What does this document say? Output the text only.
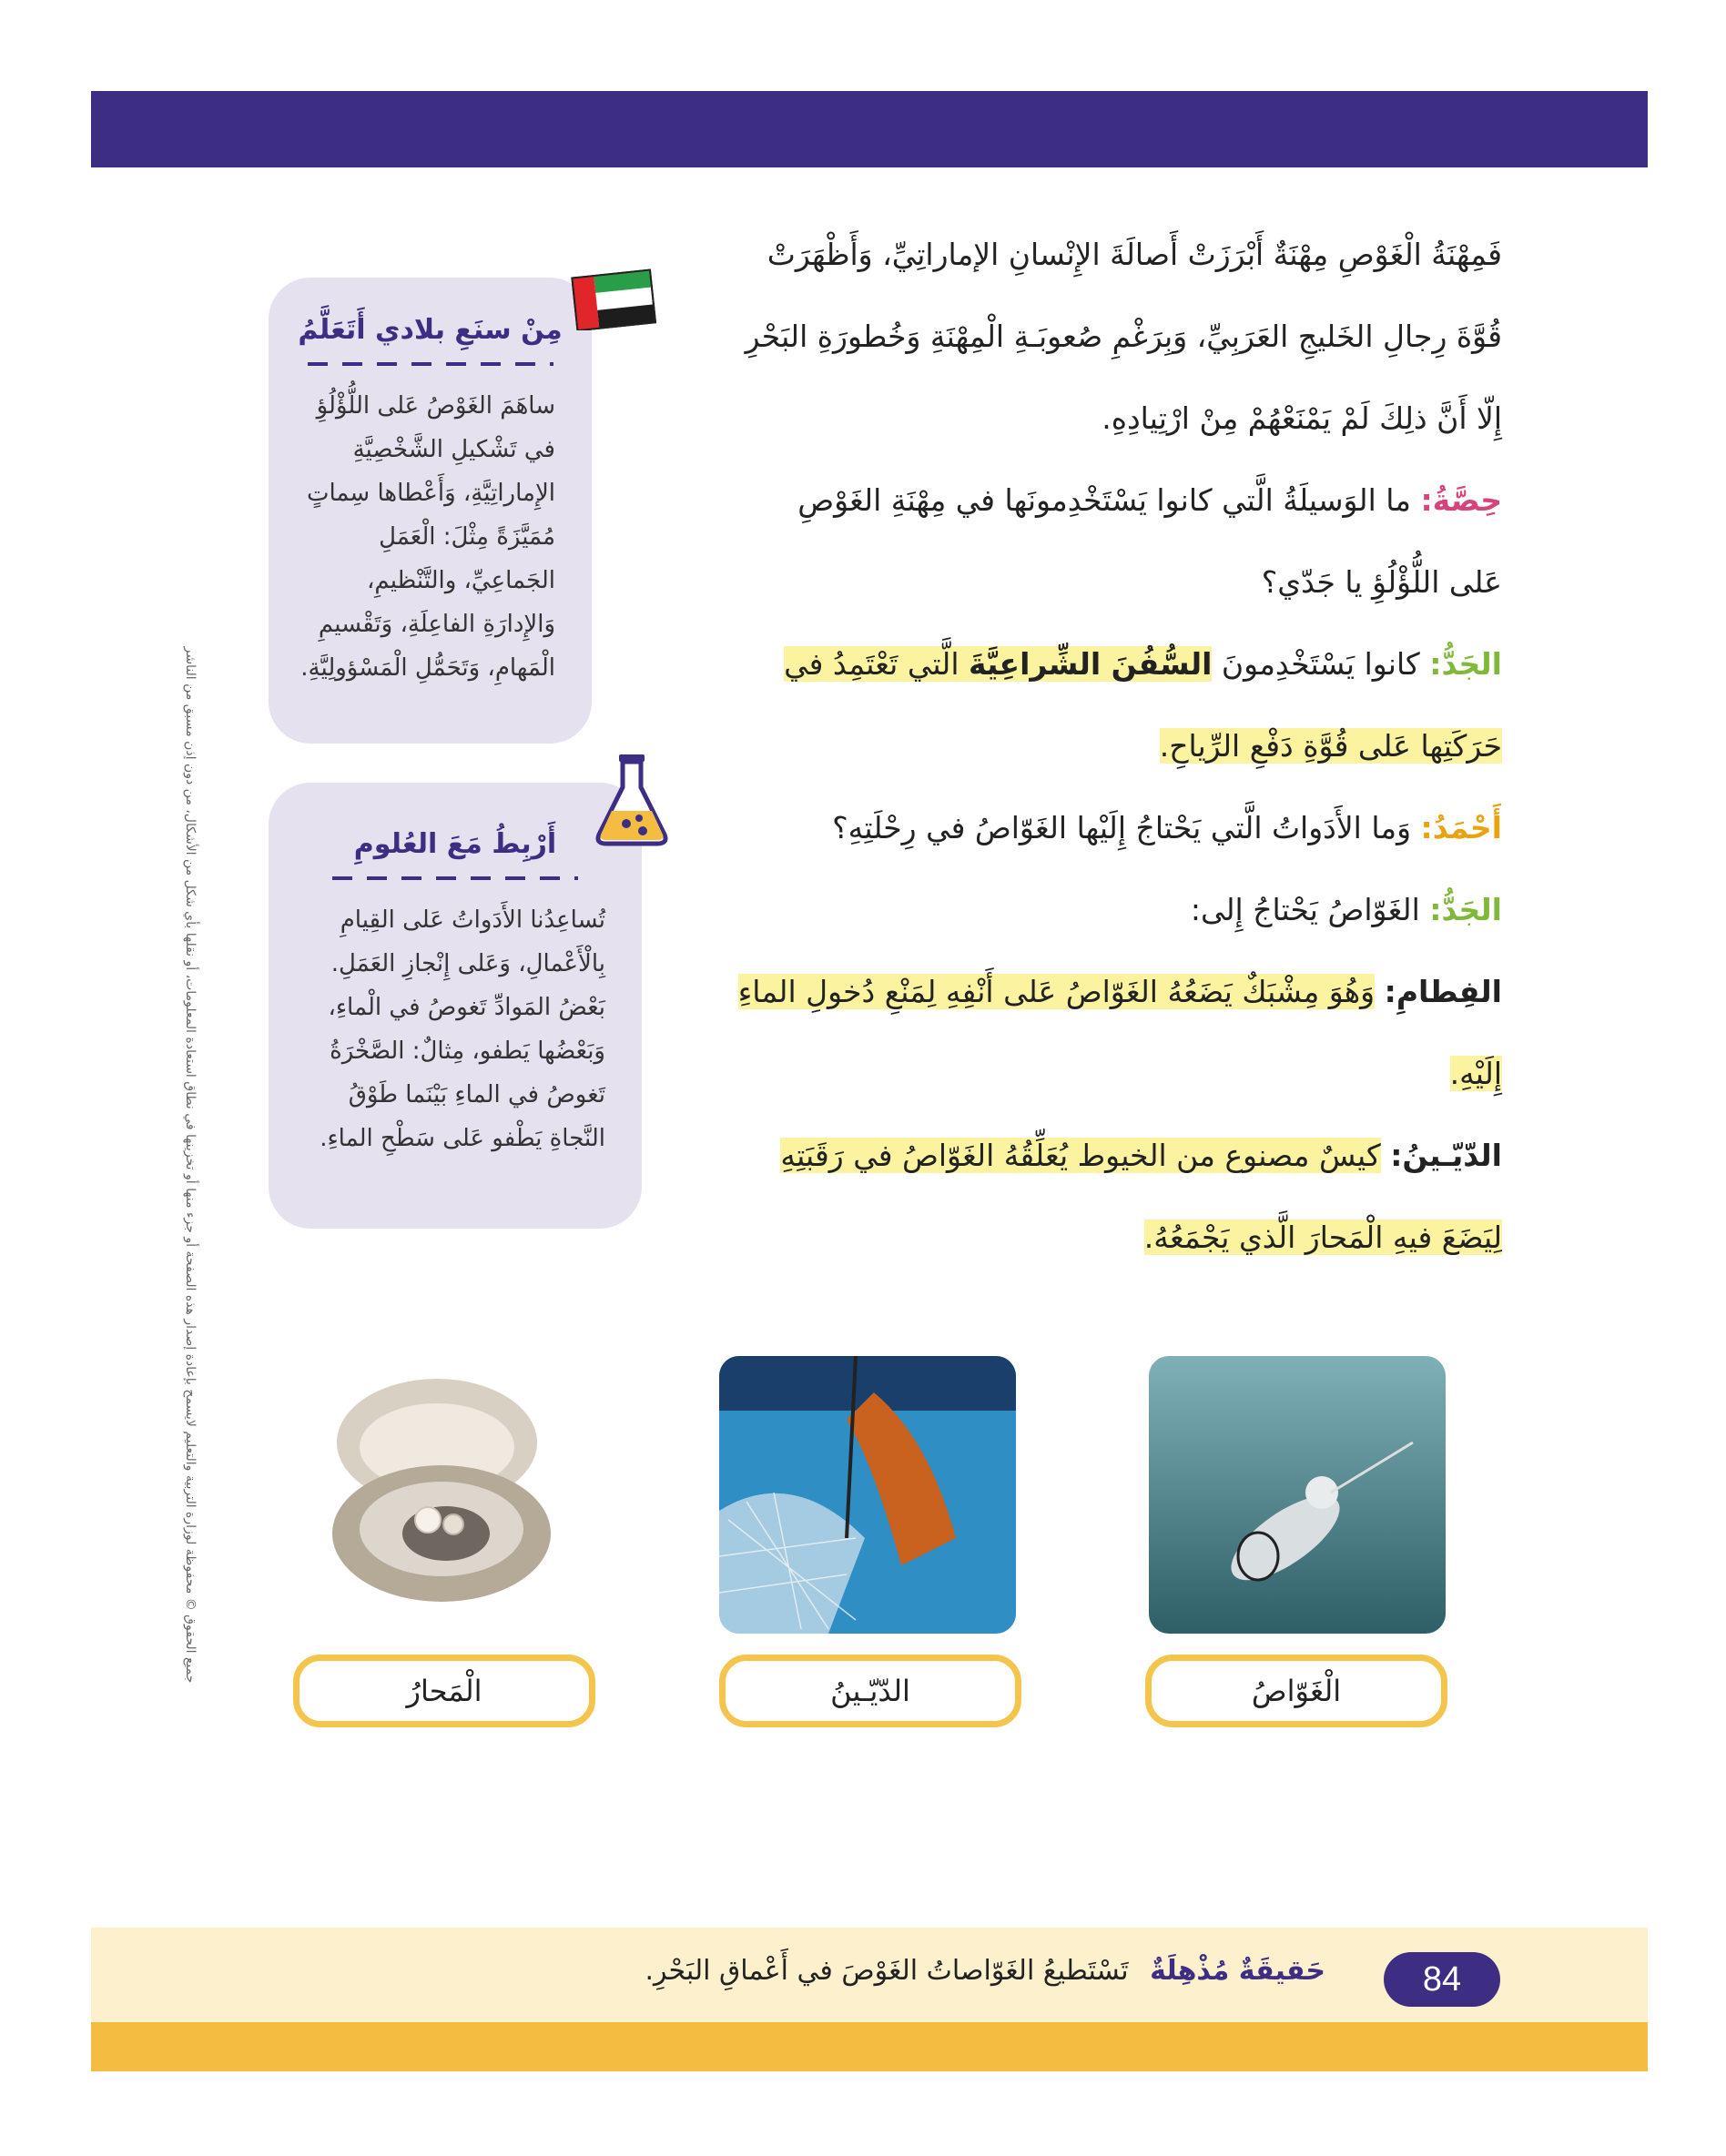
فَمِهْنَةُ الْغَوْصِ مِهْنَةٌ أَبْرَزَتْ أَصالَةَ الإِنْسانِ الإماراتِيِّ، وَأَظْهَرَتْ قُوَّةَ رِجالِ الخَليجِ العَرَبِيِّ، وَبِرَغْمِ صُعوبَـةِ الْمِهْنَةِ وَخُطورَةِ البَحْرِ إِلّا أَنَّ ذلِكَ لَمْ يَمْنَعْهُمْ مِنْ ارْتِيادِهِ.

حِصَّةُ: ما الوَسيلَةُ الَّتي كانوا يَسْتَخْدِمونَها في مِهْنَةِ الغَوْصِ عَلى اللُّؤْلُؤِ يا جَدّي؟

الجَدُّ: كانوا يَسْتَخْدِمونَ السُّفُنَ الشِّراعِيَّةَ الَّتي تَعْتَمِدُ في حَرَكَتِها عَلى قُوَّةِ دَفْعِ الرِّياحِ.

أَحْمَدُ: وَما الأَدَواتُ الَّتي يَحْتاجُ إِلَيْها الغَوّاصُ في رِحْلَتِهِ؟

الجَدُّ: الغَوّاصُ يَحْتاجُ إِلى:

الفِطامِ: وَهُوَ مِشْبَكٌ يَضَعُهُ الغَوّاصُ عَلى أَنْفِهِ لِمَنْعِ دُخولِ الماءِ إِلَيْهِ.

الدّيّـينُ: كيسٌ مصنوع من الخيوط يُعَلِّقُهُ الغَوّاصُ في رَقَبَتِهِ لِيَضَعَ فيهِ الْمَحارَ الَّذي يَجْمَعُهُ.

مِنْ سنَعِ بلادي أَتَعَلَّمُ
ساهَمَ الغَوْصُ عَلى اللُّؤْلُؤِ في تَشْكيلِ الشَّخْصِيَّةِ الإِماراتِيَّةِ، وَأَعْطاها سِماتٍ مُمَيَّزَةً مِثْلَ: الْعَمَلِ الجَماعِيِّ، والتَّنْظيمِ، وَالإِدارَةِ الفاعِلَةِ، وَتَقْسيمِ الْمَهامِ، وَتَحَمُّلِ الْمَسْؤولِيَّةِ.
أَرْبِطُ مَعَ العُلومِ
تُساعِدُنا الأَدَواتُ عَلى القِيامِ بِالْأَعْمالِ، وَعَلى إِنْجازِ العَمَلِ. بَعْضُ المَوادِّ تَغوصُ في الْماءِ، وَبَعْضُها يَطفو، مِثالٌ: الصَّخْرَةُ تَغوصُ في الماءِ بَيْنَما طَوْقُ النَّجاةِ يَطْفو عَلى سَطْحِ الماءِ.
جميع الحقوق © محفوظة لوزارة التربية والتعليم لايسمح بإعادة إصدار هذه الصفحة أو جزء منها أو تخزينها في نطاق استعادة المعلومات، أو نقلها بأي شكل من الأشكال، من دون إذن مسبق من الناشر
الْغَوّاصُ
الدّيّـينُ
الْمَحارُ
حَقيقَةٌ مُذْهِلَةٌ تَسْتَطيعُ الغَوّاصاتُ الغَوْصَ في أَعْماقِ البَحْرِ.	84
